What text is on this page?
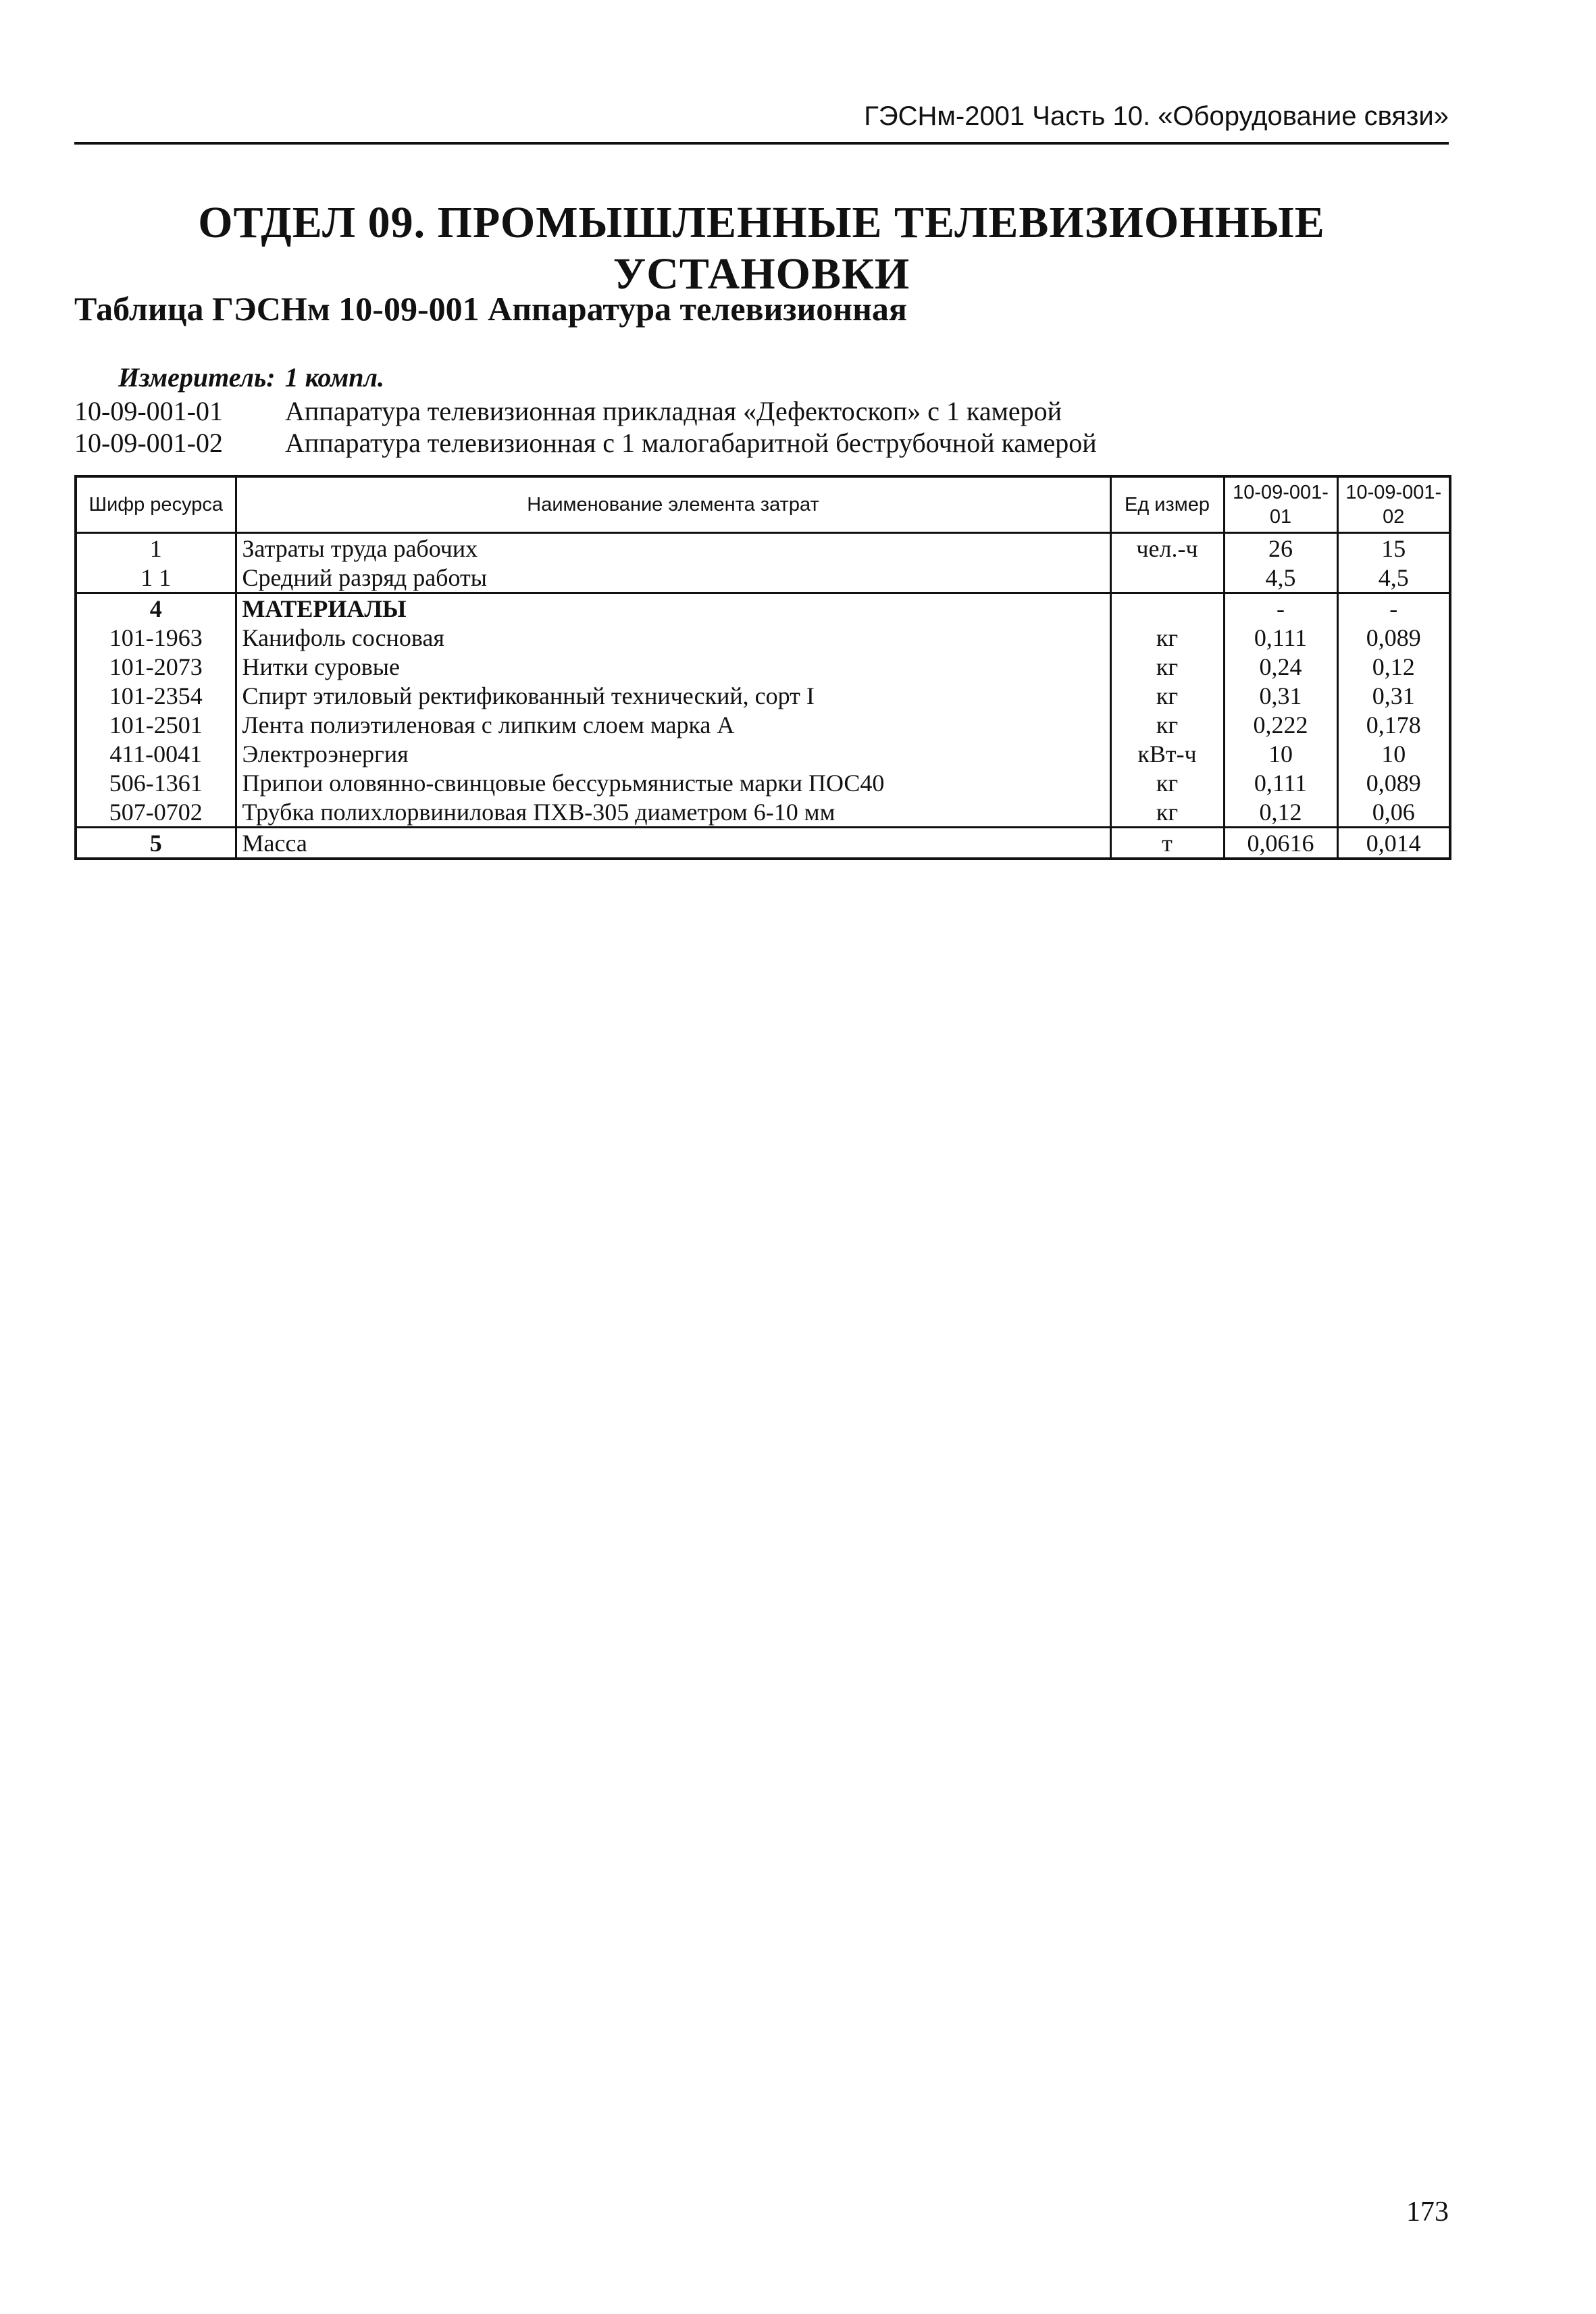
ГЭСНм-2001 Часть 10. «Оборудование связи»
ОТДЕЛ 09. ПРОМЫШЛЕННЫЕ ТЕЛЕВИЗИОННЫЕ УСТАНОВКИ
Таблица ГЭСНм 10-09-001 Аппаратура телевизионная
Измеритель: 1 компл.
10-09-001-01 Аппаратура телевизионная прикладная «Дефектоскоп» с 1 камерой
10-09-001-02 Аппаратура телевизионная с 1 малогабаритной беструбочной камерой
Шифр ресурса	Наименование элемента затрат	Ед измер	10-09-001-01	10-09-001-02
1	Затраты труда рабочих	чел.-ч	26	15
1 1	Средний разряд работы		4,5	4,5
4	МАТЕРИАЛЫ		-	-
101-1963	Канифоль сосновая	кг	0,111	0,089
101-2073	Нитки суровые	кг	0,24	0,12
101-2354	Спирт этиловый ректификованный технический, сорт I	кг	0,31	0,31
101-2501	Лента полиэтиленовая с липким слоем марка А	кг	0,222	0,178
411-0041	Электроэнергия	кВт-ч	10	10
506-1361	Припои оловянно-свинцовые бессурьмянистые марки ПОС40	кг	0,111	0,089
507-0702	Трубка полихлорвиниловая ПХВ-305 диаметром 6-10 мм	кг	0,12	0,06
5	Масса	т	0,0616	0,014
173
